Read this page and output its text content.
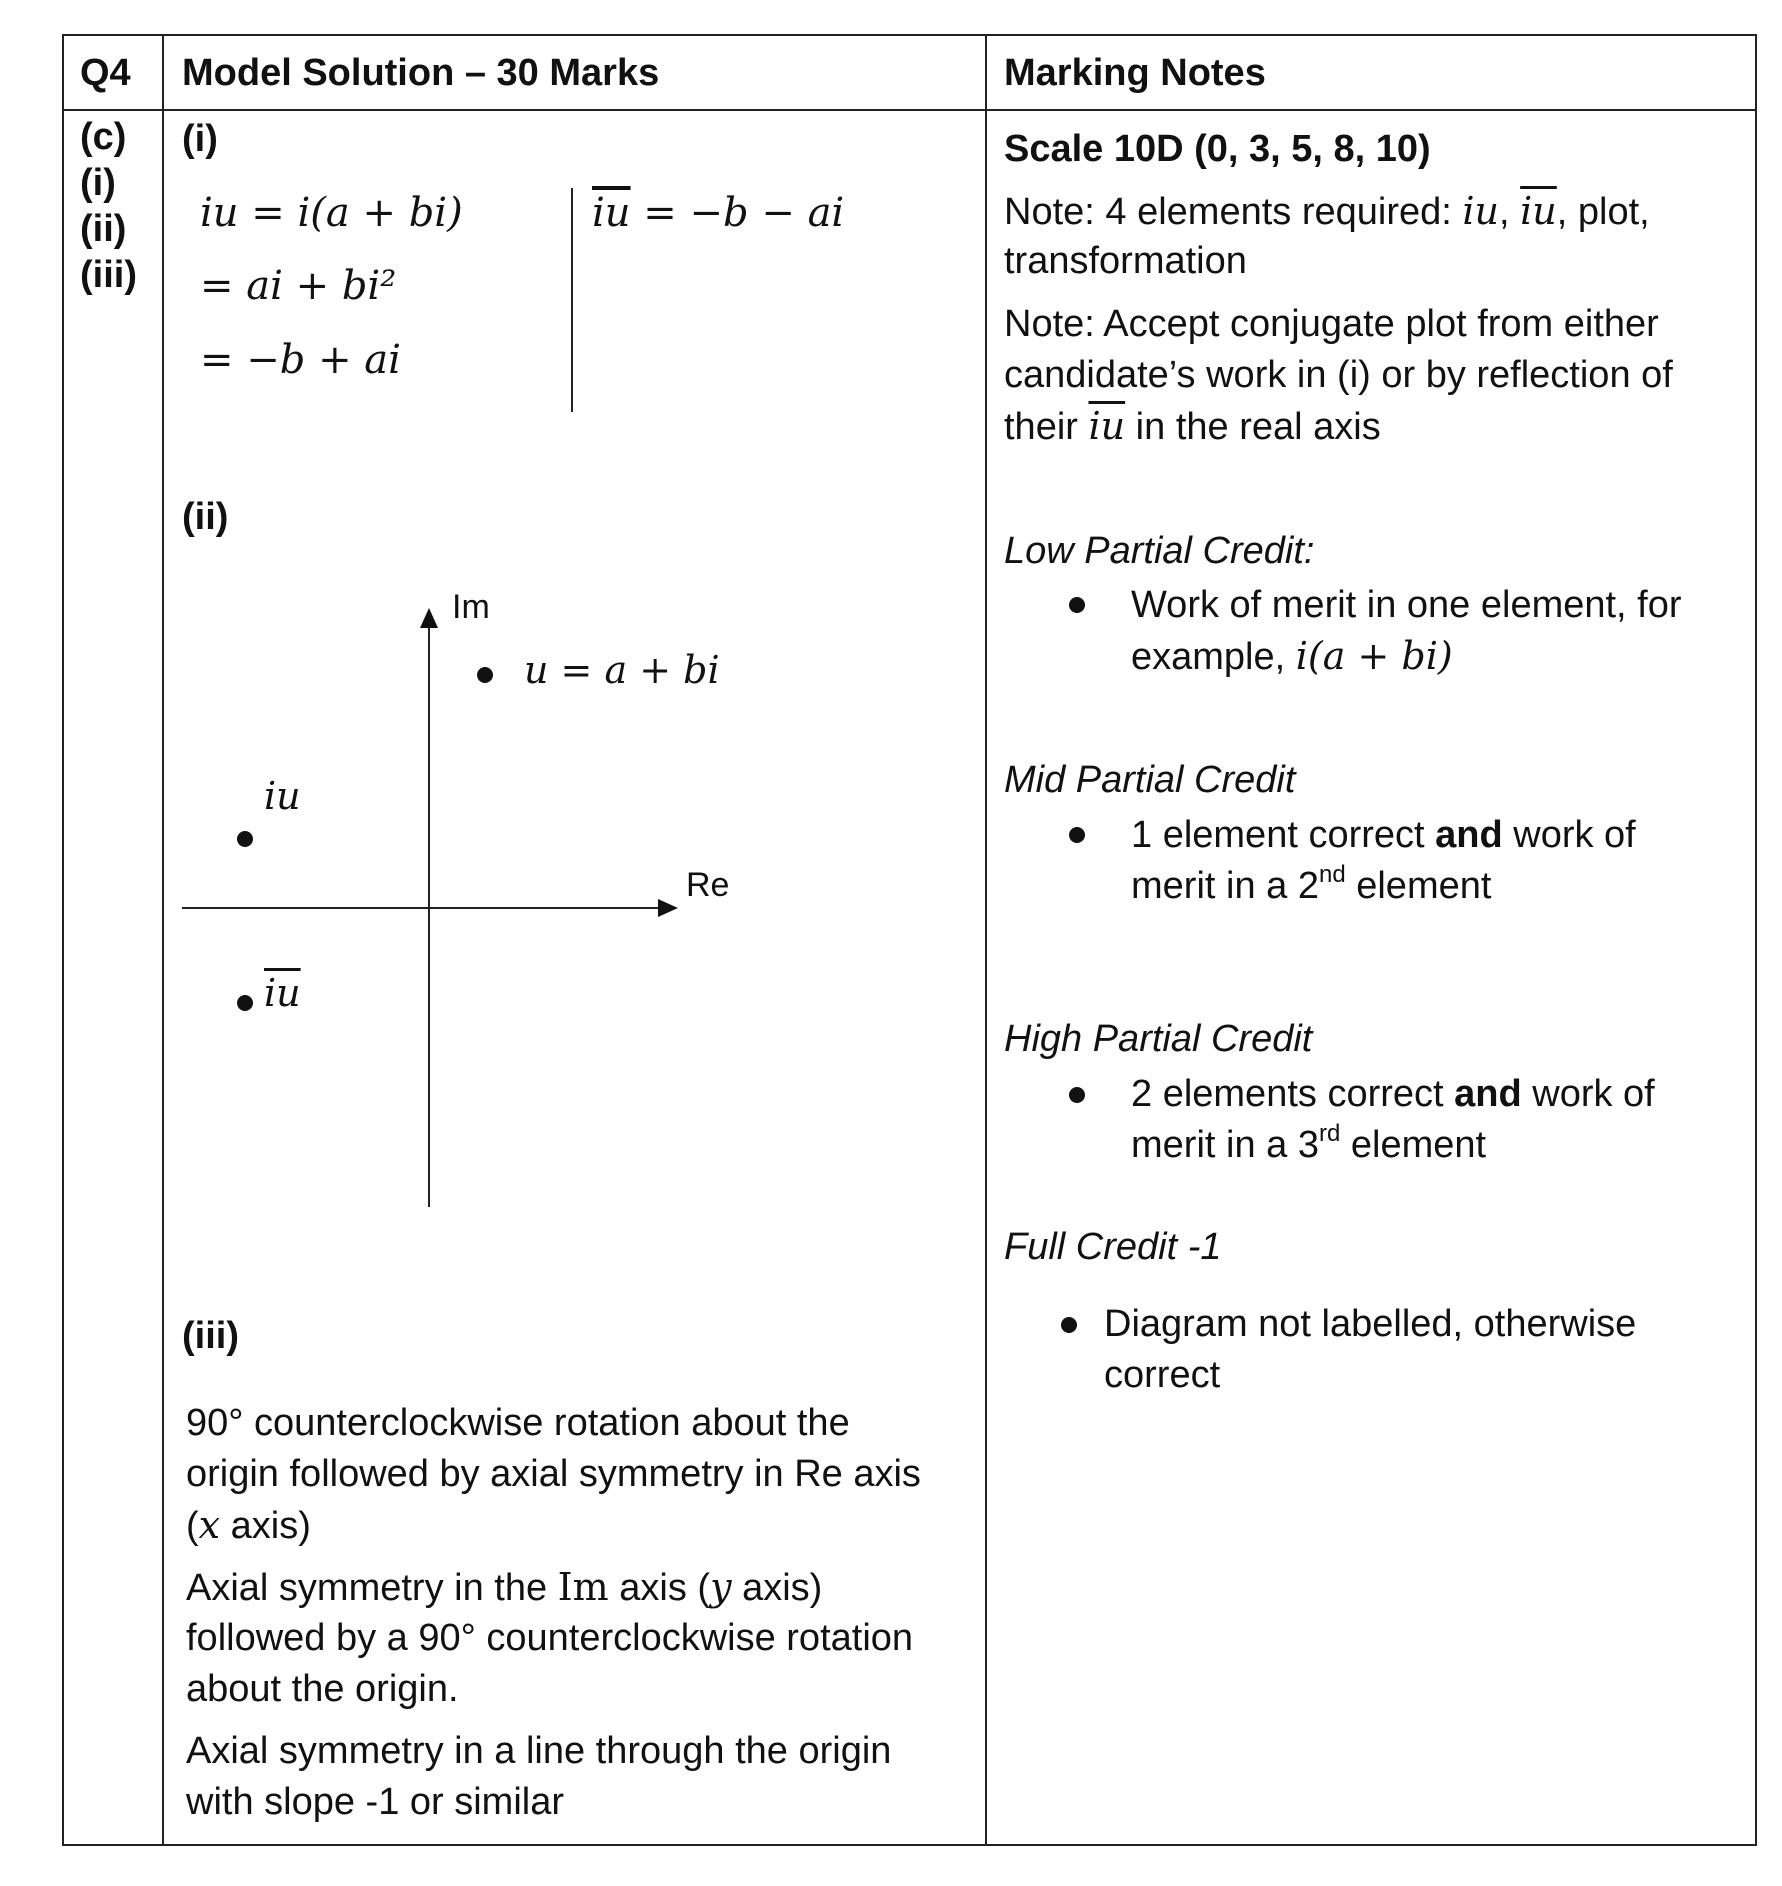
Q4 Model Solution – 30 Marks	Marking Notes
(c)
(i)
(ii)
(iii)
(i)
iu = i(a + bi)
= ai + bi²
= −b + ai
$\overline{iu} = -b$ − ai
(ii)
Im
Re
u = a + bi
iu
$\overline{iu}$
(iii)
90° counterclockwise rotation about the
origin followed by axial symmetry in Re axis
(x axis)
Axial symmetry in the Im axis (y axis)
followed by a 90° counterclockwise rotation
about the origin.
Axial symmetry in a line through the origin
with slope -1 or similar
Scale 10D (0, 3, 5, 8, 10)
Note: 4 elements required: iu, $\overline{iu}$, plot,
transformation
Note: Accept conjugate plot from either
candidate’s work in (i) or by reflection of
their $\overline{iu}$ in the real axis
Low Partial Credit:
Work of merit in one element, for
example, i(a + bi)
Mid Partial Credit
1 element correct and work of
merit in a 2nd element
High Partial Credit
2 elements correct and work of
merit in a 3rd element
Full Credit -1
Diagram not labelled, otherwise
correct
